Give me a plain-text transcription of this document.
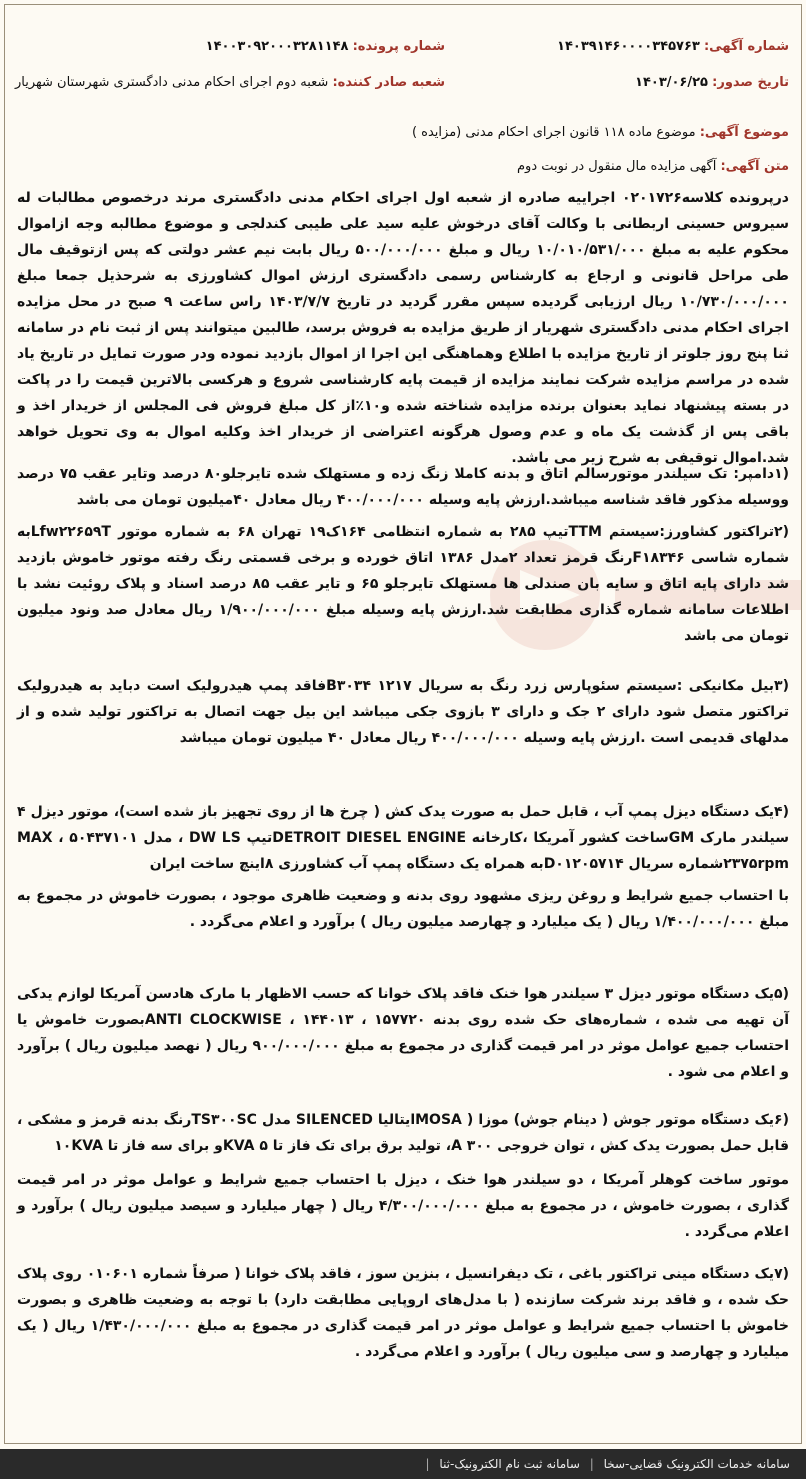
شماره آگهی: ۱۴۰۳۹۱۴۶۰۰۰۰۳۴۵۷۶۳
شماره پرونده: ۱۴۰۰۳۰۹۲۰۰۰۳۲۸۱۱۴۸
تاریخ صدور: ۱۴۰۳/۰۶/۲۵
شعبه صادر کننده: شعبه دوم اجرای احکام مدنی دادگستری شهرستان شهریار
موضوع آگهی: موضوع ماده ۱۱۸ قانون اجرای احکام مدنی (مزایده )
متن آگهی: آگهی مزایده مال منقول در نوبت دوم

درپرونده کلاسه۰۲۰۱۷۲۶ اجراییه صادره از شعبه اول اجرای احکام مدنی دادگستری مرند درخصوص مطالبات له سیروس حسینی اربطانی با وکالت آقای درخوش علیه سید علی طیبی کندلجی و موضوع مطالبه وجه ازاموال محکوم علیه به مبلغ ۱۰/۰۱۰/۵۳۱/۰۰۰ ریال و مبلغ ۵۰۰/۰۰۰/۰۰۰ ریال بابت نیم عشر دولتی که پس ازتوقیف مال طی مراحل قانونی و ارجاع به کارشناس رسمی دادگستری ارزش اموال کشاورزی به شرحذیل جمعا مبلغ ۱۰/۷۳۰/۰۰۰/۰۰۰ ریال ارزیابی گردیده سپس مقرر گردید در تاریخ ۱۴۰۳/۷/۷ راس ساعت ۹ صبح در محل مزایده اجرای احکام مدنی دادگستری شهریار از طریق مزایده به فروش برسد، طالبین میتوانند پس از ثبت نام در سامانه ثنا پنج روز جلوتر از تاریخ مزایده با اطلاع وهماهنگی این اجرا از اموال بازدید نموده ودر صورت تمایل در تاریخ یاد شده در مراسم مزایده شرکت نمایند مزایده از قیمت پایه کارشناسی شروع و هرکسی بالاترین قیمت را در پاکت در بسته پیشنهاد نماید بعنوان برنده مزایده شناخته شده و۱۰٪از کل مبلغ فروش فی المجلس از خریدار اخذ و باقی پس از گذشت یک ماه و عدم وصول هرگونه اعتراضی از خریدار اخذ وکلیه اموال به وی تحویل خواهد شد.اموال توقیفی به شرح زیر می باشد.

(۱دامپر: تک سیلندر موتورسالم اتاق و بدنه کاملا زنگ زده و مستهلک شده تایرجلو۸۰ درصد وتایر عقب ۷۵ درصد ووسیله مذکور فاقد شناسه میباشد.ارزش پایه وسیله ۴۰۰/۰۰۰/۰۰۰ ریال معادل ۴۰میلیون تومان می باشد

(۲تراکتور کشاورز:سیستم TTMتیپ ۲۸۵ به شماره انتظامی ۱۶۴ک۱۹ تهران ۶۸ به شماره موتور Lfw۲۲۶۵۹Tبه شماره شاسی F۱۸۳۴۶رنگ قرمز تعداد ۲مدل ۱۳۸۶ اتاق خورده و برخی قسمتی رنگ رفته موتور خاموش بازدید شد دارای پایه اتاق و سایه بان صندلی ها مستهلک تایرجلو ۶۵ و تایر عقب ۸۵ درصد اسناد و پلاک روئیت نشد با اطلاعات سامانه شماره گذاری مطابقت شد.ارزش پایه وسیله مبلغ ۱/۹۰۰/۰۰۰/۰۰۰ ریال معادل صد ونود میلیون تومان می باشد

(۳بیل مکانیکی :سیستم سئوپارس زرد رنگ به سریال B۳۰۳۴ ۱۲۱۷فاقد پمپ هیدرولیک است دباید به هیدرولیک تراکتور متصل شود دارای ۲ جک و دارای ۳ بازوی جکی میباشد این بیل جهت اتصال به تراکتور تولید شده و از مدلهای قدیمی است .ارزش پایه وسیله ۴۰۰/۰۰۰/۰۰۰ ریال معادل ۴۰ میلیون تومان میباشد

(۴یک دستگاه دیزل پمپ آب ، قابل حمل به صورت یدک کش ( چرخ ها از روی تجهیز باز شده است)، موتور دیزل ۴ سیلندر مارک GMساخت کشور آمریکا ،کارخانه DETROIT DIESEL ENGINEتیپ DW LS ، مدل MAX ، ۵۰۴۳۷۱۰۱ ۲۳۷۵rpmشماره سریال D۰۱۲۰۵۷۱۴به همراه یک دستگاه پمپ آب کشاورزی ۸اینچ ساخت ایران

با احتساب جمیع شرایط و روغن ریزی مشهود روی بدنه و وضعیت ظاهری موجود ، بصورت خاموش در مجموع به مبلغ ۱/۴۰۰/۰۰۰/۰۰۰ ریال ( یک میلیارد و چهارصد میلیون ریال ) برآورد و اعلام می‌گردد .

(۵یک دستگاه موتور دیزل ۳ سیلندر هوا خنک فاقد پلاک خوانا که حسب الاظهار با مارک هادسن آمریکا لوازم یدکی آن تهیه می شده ، شماره‌های حک شده روی بدنه ۱۵۷۷۲۰ ، ۱۴۴۰۱۳ ، ANTI CLOCKWISEبصورت خاموش یا احتساب جمیع عوامل موثر در امر قیمت گذاری در مجموع به مبلغ ۹۰۰/۰۰۰/۰۰۰ ریال ( نهصد میلیون ریال ) برآورد و اعلام می شود .

(۶یک دستگاه موتور جوش ( دینام جوش) موزا ( MOSAایتالیا SILENCED مدل TS۳۰۰SCرنگ بدنه قرمز و مشکی ، قابل حمل بصورت یدک کش ، توان خروجی ۳۰۰ A، تولید برق برای تک فاز تا ۵ KVAو برای سه فاز تا ۱۰KVA

موتور ساخت کوهلر آمریکا ، دو سیلندر هوا خنک ، دیزل با احتساب جمیع شرایط و عوامل موثر در امر قیمت گذاری ، بصورت خاموش ، در مجموع به مبلغ ۴/۳۰۰/۰۰۰/۰۰۰ ریال ( چهار میلیارد و سیصد میلیون ریال ) برآورد و اعلام می‌گردد .

(۷یک دستگاه مینی تراکتور باغی ، تک دیفرانسیل ، بنزین سوز ، فاقد پلاک خوانا ( صرفاً شماره ۰۱۰۶۰۱ روی پلاک حک شده ، و فاقد برند شرکت سازنده ( با مدل‌های اروپایی مطابقت دارد) با توجه به وضعیت ظاهری و بصورت خاموش با احتساب جمیع شرایط و عوامل موثر در امر قیمت گذاری در مجموع به مبلغ ۱/۴۳۰/۰۰۰/۰۰۰ ریال ( یک میلیارد و چهارصد و سی میلیون ریال ) برآورد و اعلام می‌گردد .

سامانه خدمات الکترونیک قضایی-سخا | سامانه ثبت نام الکترونیک-ثنا |
